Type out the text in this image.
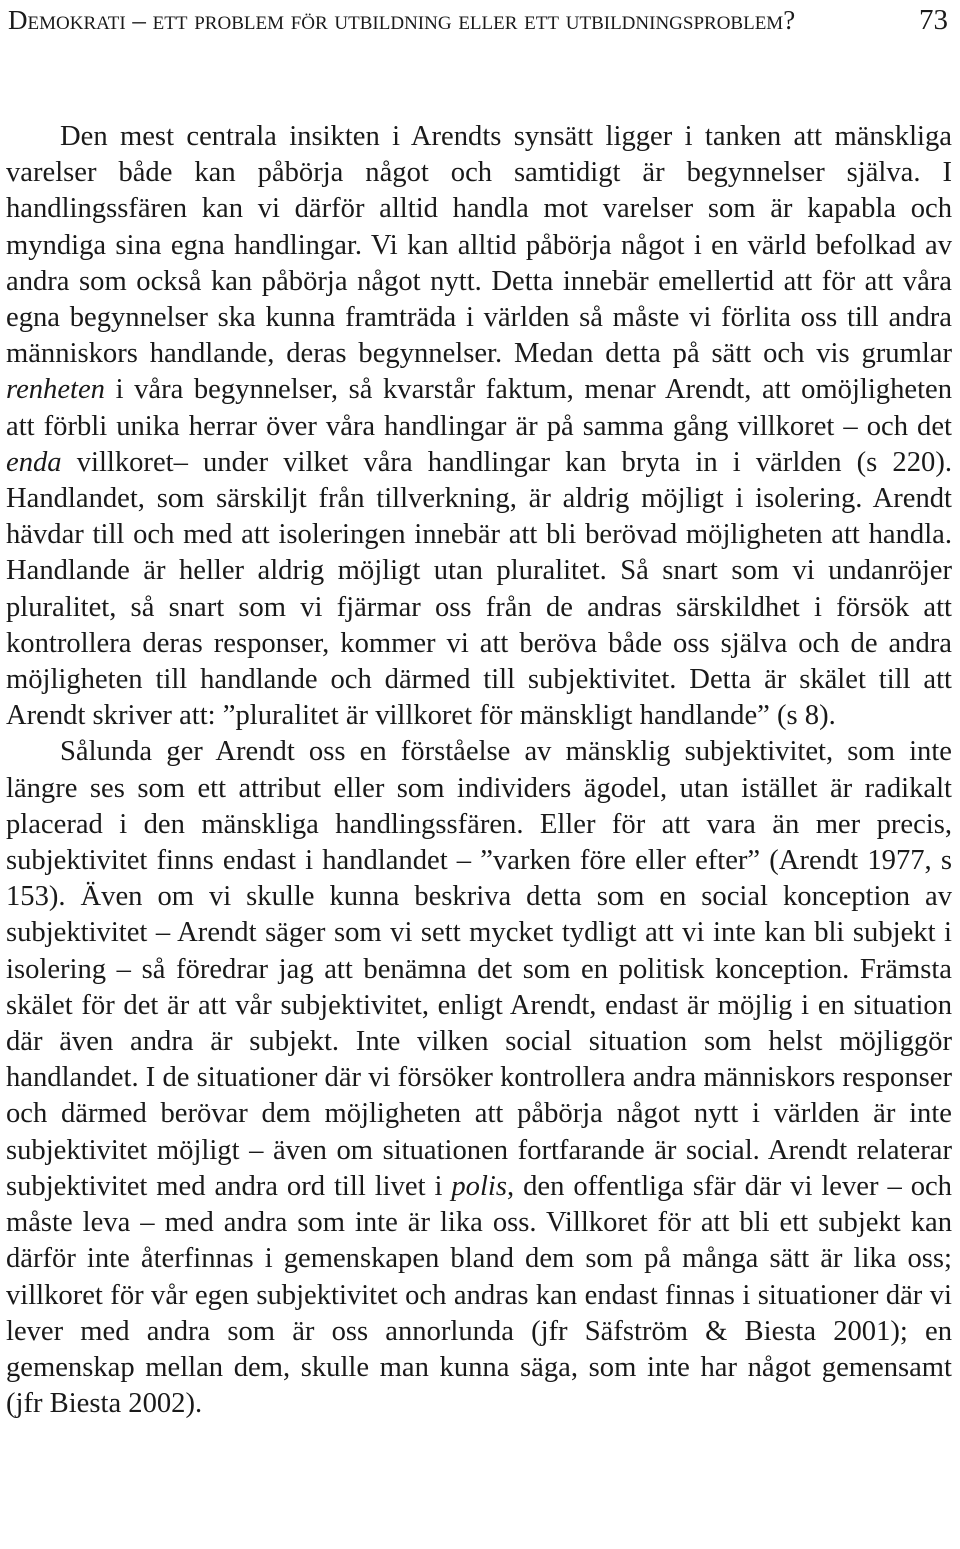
Demokrati – ett problem för utbildning eller ett utbildningsproblem?	73

Den mest centrala insikten i Arendts synsätt ligger i tanken att mänskliga varelser både kan påbörja något och samtidigt är begynnelser själva. I handlingssfären kan vi därför alltid handla mot varelser som är kapabla och myndiga sina egna handlingar. Vi kan alltid påbörja något i en värld befolkad av andra som också kan påbörja något nytt. Detta innebär emellertid att för att våra egna begynnelser ska kunna framträda i världen så måste vi förlita oss till andra människors handlande, deras begynnelser. Medan detta på sätt och vis grumlar renheten i våra begynnelser, så kvarstår faktum, menar Arendt, att omöjligheten att förbli unika herrar över våra handlingar är på samma gång villkoret – och det enda villkoret– under vilket våra handlingar kan bryta in i världen (s 220). Handlandet, som särskiljt från tillverkning, är aldrig möjligt i isolering. Arendt hävdar till och med att isoleringen innebär att bli berövad möjligheten att handla. Handlande är heller aldrig möjligt utan pluralitet. Så snart som vi undanröjer pluralitet, så snart som vi fjärmar oss från de andras särskildhet i försök att kontrollera deras responser, kommer vi att beröva både oss själva och de andra möjligheten till handlande och därmed till subjektivitet. Detta är skälet till att Arendt skriver att: ”pluralitet är villkoret för mänskligt handlande” (s 8).

Sålunda ger Arendt oss en förståelse av mänsklig subjektivitet, som inte längre ses som ett attribut eller som individers ägodel, utan istället är radikalt placerad i den mänskliga handlingssfären. Eller för att vara än mer precis, subjektivitet finns endast i handlandet – ”varken före eller efter” (Arendt 1977, s 153). Även om vi skulle kunna beskriva detta som en social konception av subjektivitet – Arendt säger som vi sett mycket tydligt att vi inte kan bli subjekt i isolering – så föredrar jag att benämna det som en politisk konception. Främsta skälet för det är att vår subjektivitet, enligt Arendt, endast är möjlig i en situation där även andra är subjekt. Inte vilken social situation som helst möjliggör handlandet. I de situationer där vi försöker kontrollera andra människors responser och därmed berövar dem möjligheten att påbörja något nytt i världen är inte subjektivitet möjligt – även om situationen fortfarande är social. Arendt relaterar subjektivitet med andra ord till livet i polis, den offentliga sfär där vi lever – och måste leva – med andra som inte är lika oss. Villkoret för att bli ett subjekt kan därför inte återfinnas i gemenskapen bland dem som på många sätt är lika oss; villkoret för vår egen subjektivitet och andras kan endast finnas i situationer där vi lever med andra som är oss annorlunda (jfr Säfström & Biesta 2001); en gemenskap mellan dem, skulle man kunna säga, som inte har något gemensamt (jfr Biesta 2002).
